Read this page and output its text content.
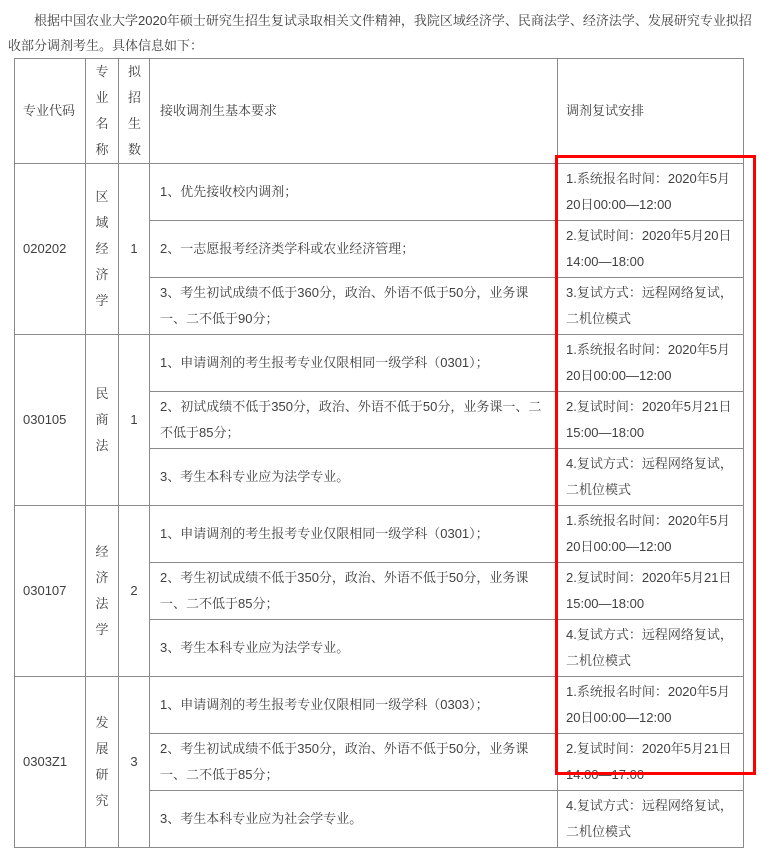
根据中国农业大学2020年硕士研究生招生复试录取相关文件精神，我院区域经济学、民商法学、经济法学、发展研究专业拟招收部分调剂考生。具体信息如下：

专业代码	专业名称	拟招生数	接收调剂生基本要求	调剂复试安排
020202	区域经济学	1	1、优先接收校内调剂；	1.系统报名时间：2020年5月20日00:00—12:00
			2、一志愿报考经济类学科或农业经济管理；	2.复试时间：2020年5月20日14:00—18:00
			3、考生初试成绩不低于360分，政治、外语不低于50分，业务课一、二不低于90分；	3.复试方式：远程网络复试，二机位模式
030105	民商法	1	1、申请调剂的考生报考专业仅限相同一级学科（0301）；	1.系统报名时间：2020年5月20日00:00—12:00
			2、初试成绩不低于350分，政治、外语不低于50分，业务课一、二不低于85分；	2.复试时间：2020年5月21日15:00—18:00
			3、考生本科专业应为法学专业。	4.复试方式：远程网络复试，二机位模式
030107	经济法学	2	1、申请调剂的考生报考专业仅限相同一级学科（0301）；	1.系统报名时间：2020年5月20日00:00—12:00
			2、考生初试成绩不低于350分，政治、外语不低于50分，业务课一、二不低于85分；	2.复试时间：2020年5月21日15:00—18:00
			3、考生本科专业应为法学专业。	4.复试方式：远程网络复试，二机位模式
0303Z1	发展研究	3	1、申请调剂的考生报考专业仅限相同一级学科（0303）；	1.系统报名时间：2020年5月20日00:00—12:00
			2、考生初试成绩不低于350分，政治、外语不低于50分，业务课一、二不低于85分；	2.复试时间：2020年5月21日14:00—17:00
			3、考生本科专业应为社会学专业。	4.复试方式：远程网络复试，二机位模式
